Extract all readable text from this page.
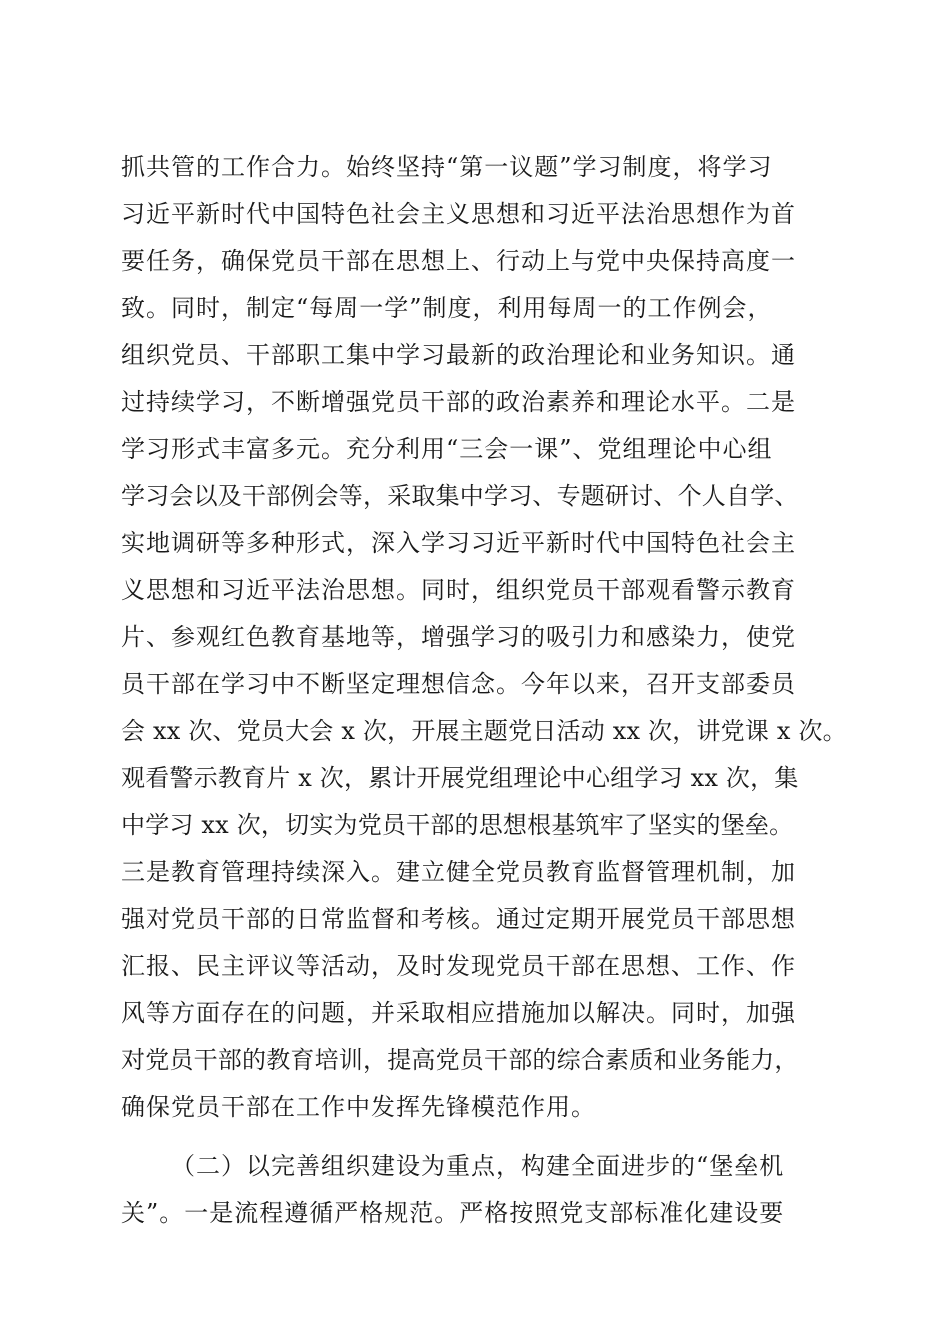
抓共管的工作合力。始终坚持“第一议题”学习制度，将学习
习近平新时代中国特色社会主义思想和习近平法治思想作为首
要任务，确保党员干部在思想上、行动上与党中央保持高度一
致。同时，制定“每周一学”制度，利用每周一的工作例会，
组织党员、干部职工集中学习最新的政治理论和业务知识。通
过持续学习，不断增强党员干部的政治素养和理论水平。二是
学习形式丰富多元。充分利用“三会一课”、党组理论中心组
学习会以及干部例会等，采取集中学习、专题研讨、个人自学、
实地调研等多种形式，深入学习习近平新时代中国特色社会主
义思想和习近平法治思想。同时，组织党员干部观看警示教育
片、参观红色教育基地等，增强学习的吸引力和感染力，使党
员干部在学习中不断坚定理想信念。今年以来，召开支部委员
会 xx 次、党员大会 x 次，开展主题党日活动 xx 次，讲党课 x 次。
观看警示教育片 x 次，累计开展党组理论中心组学习 xx 次，集
中学习 xx 次，切实为党员干部的思想根基筑牢了坚实的堡垒。
三是教育管理持续深入。建立健全党员教育监督管理机制，加
强对党员干部的日常监督和考核。通过定期开展党员干部思想
汇报、民主评议等活动，及时发现党员干部在思想、工作、作
风等方面存在的问题，并采取相应措施加以解决。同时，加强
对党员干部的教育培训，提高党员干部的综合素质和业务能力，
确保党员干部在工作中发挥先锋模范作用。
（二）以完善组织建设为重点，构建全面进步的“堡垒机
关”。一是流程遵循严格规范。严格按照党支部标准化建设要
